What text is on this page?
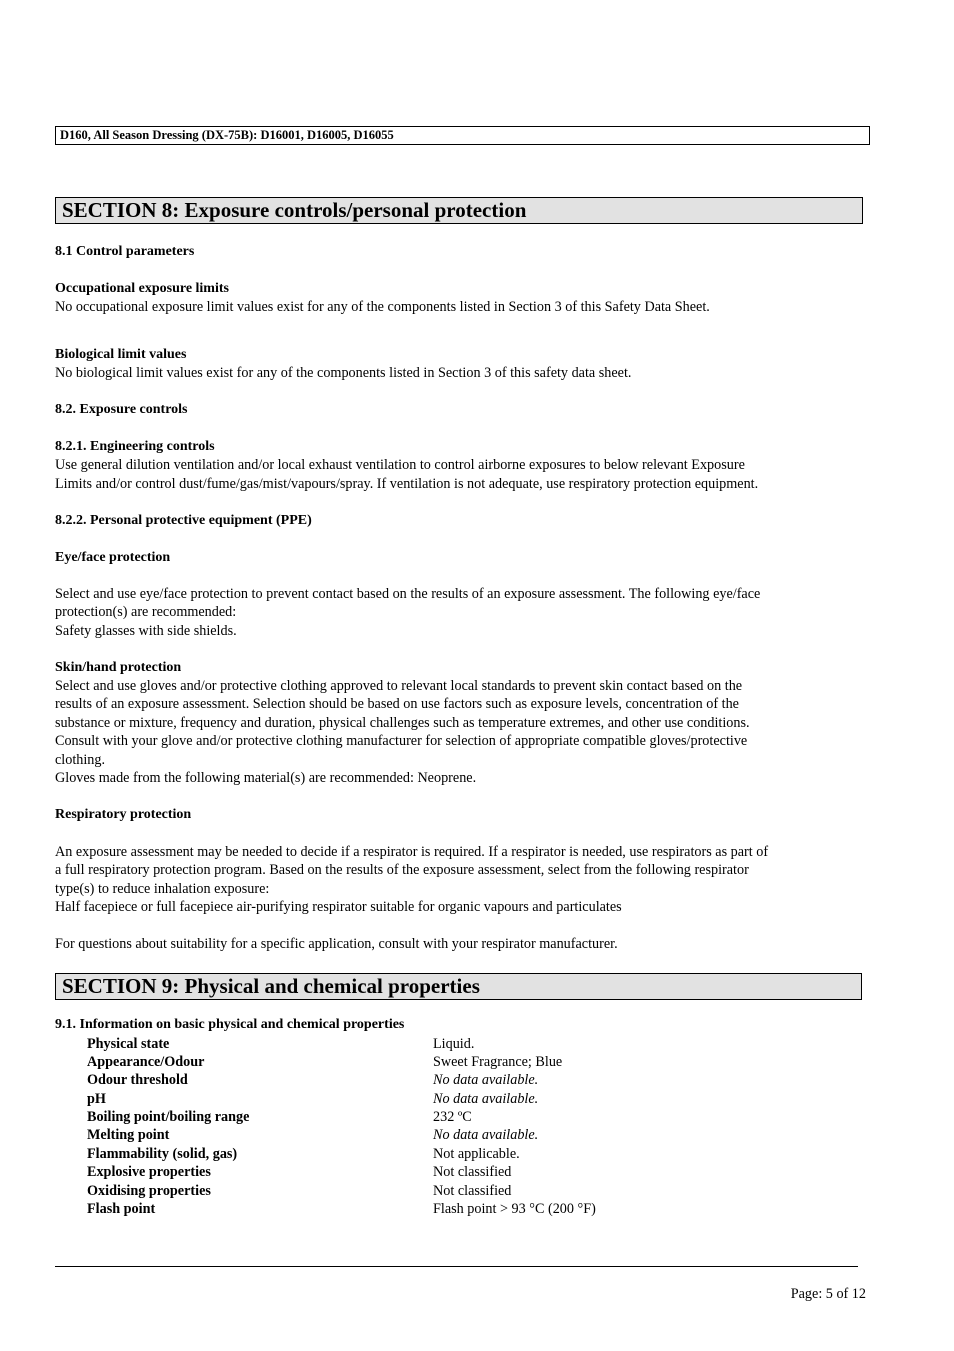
D160, All Season Dressing (DX-75B): D16001, D16005, D16055
SECTION 8: Exposure controls/personal protection
8.1 Control parameters
Occupational exposure limits
No occupational exposure limit values exist for any of the components listed in Section 3 of this Safety Data Sheet.
Biological limit values
No biological limit values exist for any of the components listed in Section 3 of this safety data sheet.
8.2. Exposure controls
8.2.1. Engineering controls
Use general dilution ventilation and/or local exhaust ventilation to control airborne exposures to below relevant Exposure
Limits and/or control dust/fume/gas/mist/vapours/spray. If ventilation is not adequate, use respiratory protection equipment.
8.2.2. Personal protective equipment (PPE)
Eye/face protection
Select and use eye/face protection to prevent contact based on the results of an exposure assessment. The following eye/face
protection(s) are recommended:
Safety glasses with side shields.
Skin/hand protection
Select and use gloves and/or protective clothing approved to relevant local standards to prevent skin contact based on the
results of an exposure assessment. Selection should be based on use factors such as exposure levels, concentration of the
substance or mixture, frequency and duration, physical challenges such as temperature extremes, and other use conditions.
Consult with your glove and/or protective clothing manufacturer for selection of appropriate compatible gloves/protective
clothing.
Gloves made from the following material(s) are recommended: Neoprene.
Respiratory protection
An exposure assessment may be needed to decide if a respirator is required. If a respirator is needed, use respirators as part of
a full respiratory protection program. Based on the results of the exposure assessment, select from the following respirator
type(s) to reduce inhalation exposure:
Half facepiece or full facepiece air-purifying respirator suitable for organic vapours and particulates
For questions about suitability for a specific application, consult with your respirator manufacturer.
SECTION 9: Physical and chemical properties
9.1. Information on basic physical and chemical properties
Physical state	Liquid.
Appearance/Odour	Sweet Fragrance; Blue
Odour threshold	No data available.
pH	No data available.
Boiling point/boiling range	232 ºC
Melting point	No data available.
Flammability (solid, gas)	Not applicable.
Explosive properties	Not classified
Oxidising properties	Not classified
Flash point	Flash point > 93 °C (200 °F)
Page: 5 of 12
